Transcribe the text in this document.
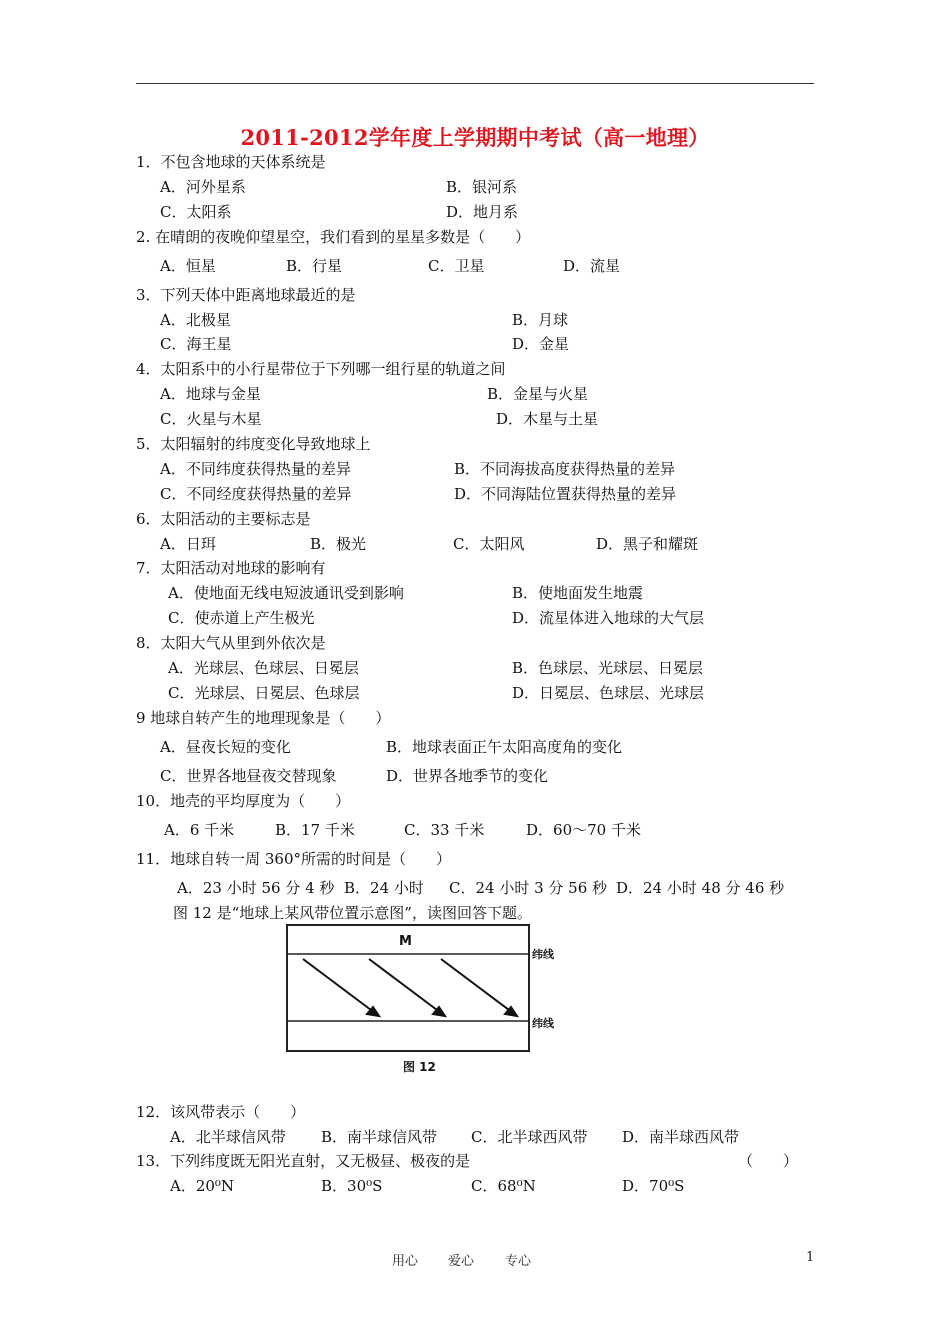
2011-2012学年度上学期期中考试（高一地理）
1．不包含地球的天体系统是
A．河外星系	B．银河系
C．太阳系	D．地月系
2. 在晴朗的夜晚仰望星空，我们看到的星星多数是（　　）
A．恒星	B．行星	C．卫星	D．流星
3．下列天体中距离地球最近的是
A．北极星	B．月球
C．海王星	D．金星
4．太阳系中的小行星带位于下列哪一组行星的轨道之间
A．地球与金星	B．金星与火星
C．火星与木星	D．木星与土星
5．太阳辐射的纬度变化导致地球上
A．不同纬度获得热量的差异	B．不同海拔高度获得热量的差异
C．不同经度获得热量的差异	D．不同海陆位置获得热量的差异
6．太阳活动的主要标志是
A．日珥	B．极光	C．太阳风	D．黑子和耀斑
7．太阳活动对地球的影响有
A．使地面无线电短波通讯受到影响	B．使地面发生地震
C．使赤道上产生极光	D．流星体进入地球的大气层
8．太阳大气从里到外依次是
A．光球层、色球层、日冕层	B．色球层、光球层、日冕层
C．光球层、日冕层、色球层	D．日冕层、色球层、光球层
9 地球自转产生的地理现象是（　　）
A．昼夜长短的变化	B．地球表面正午太阳高度角的变化
C．世界各地昼夜交替现象	D．世界各地季节的变化
10．地壳的平均厚度为（　　）
A．6 千米	B．17 千米	C．33 千米	D．60～70 千米
11．地球自转一周 360°所需的时间是（　　）
A．23 小时 56 分 4 秒 B．24 小时 C．24 小时 3 分 56 秒 D．24 小时 48 分 46 秒
图 12 是“地球上某风带位置示意图”，读图回答下题。
M
纬线
纬线
图 12
12．该风带表示（　　）
A．北半球信风带 B．南半球信风带 C．北半球西风带 D．南半球西风带
13．下列纬度既无阳光直射，又无极昼、极夜的是	（　　）
A．20⁰N	B．30⁰S	C．68⁰N	D．70⁰S
用心 爱心 专心	1
